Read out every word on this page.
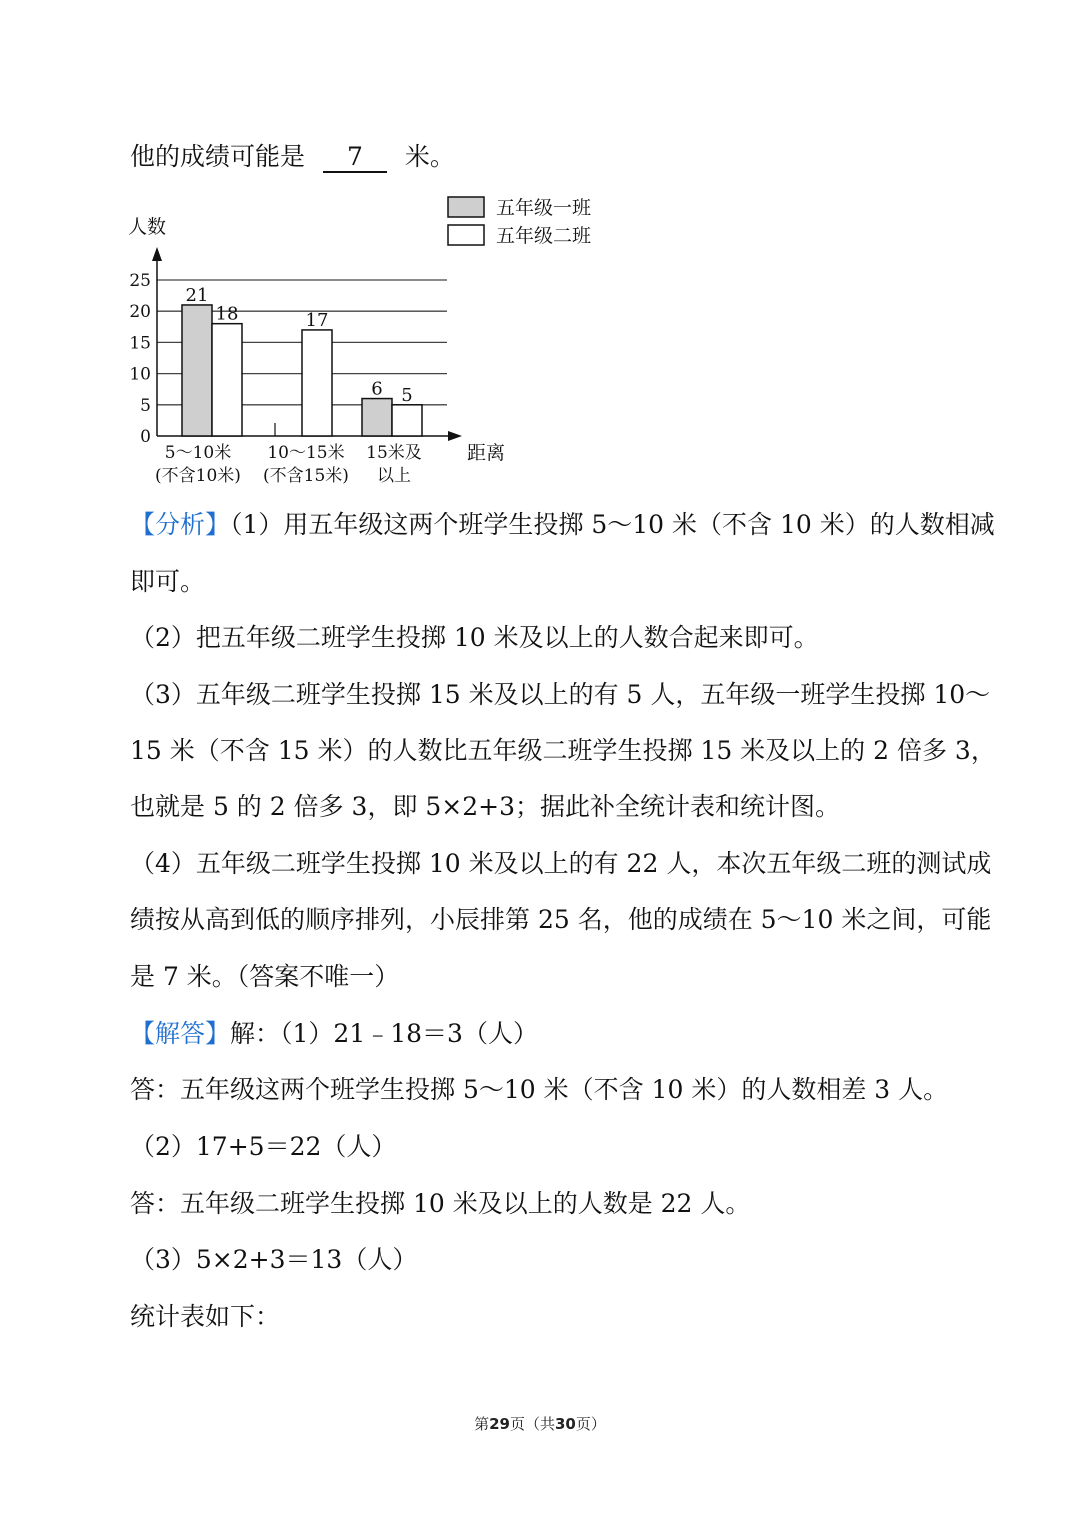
他的成绩可能是 7 米。
0
5
10
15
20
25
人数
距离
21
6
18	17
5
5～10米
(不含10米)
10～15米
(不含15米)
15米及
以上
五年级一班
五年级二班
【分析】（1）用五年级这两个班学生投掷 5～10 米（不含 10 米）的人数相减
即可。
（2）把五年级二班学生投掷 10 米及以上的人数合起来即可。
（3）五年级二班学生投掷 15 米及以上的有 5 人，五年级一班学生投掷 10～
15 米（不含 15 米）的人数比五年级二班学生投掷 15 米及以上的 2 倍多 3，
也就是 5 的 2 倍多 3，即 5×2+3；据此补全统计表和统计图。
（4）五年级二班学生投掷 10 米及以上的有 22 人，本次五年级二班的测试成
绩按从高到低的顺序排列，小辰排第 25 名，他的成绩在 5～10 米之间，可能
是 7 米。（答案不唯一）
【解答】解：（1）21﹣18＝3（人）
答：五年级这两个班学生投掷 5～10 米（不含 10 米）的人数相差 3 人。
（2）17+5＝22（人）
答：五年级二班学生投掷 10 米及以上的人数是 22 人。
（3）5×2+3＝13（人）
统计表如下：
第29页（共30页）
